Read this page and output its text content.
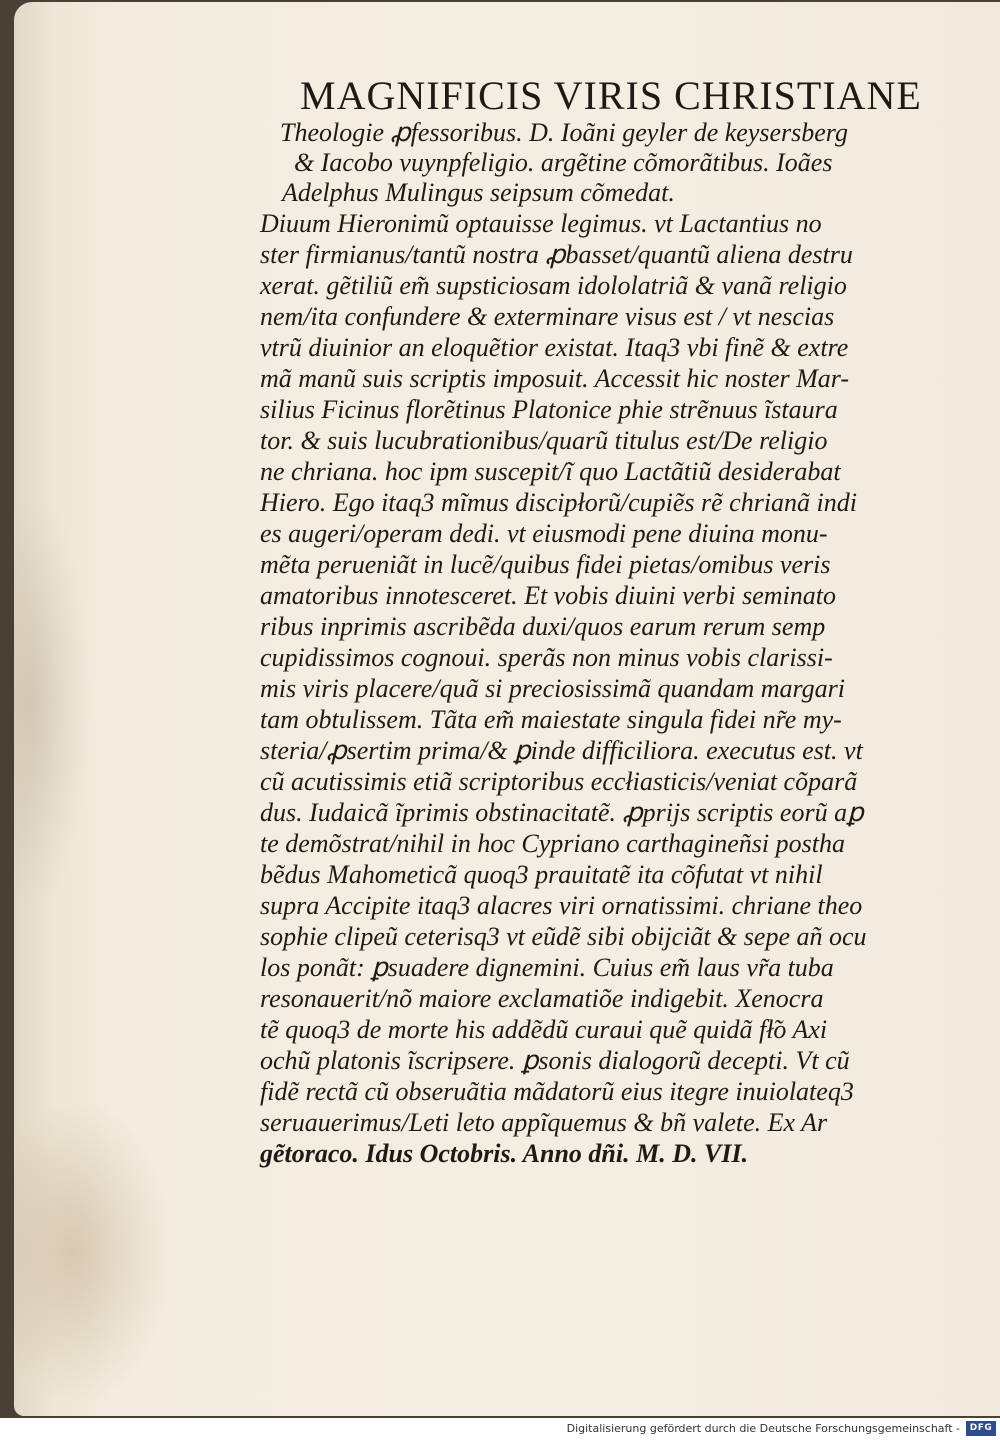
MAGNIFICIS VIRIS CHRISTIANE

Theologie ꝓfessoribus. D. Ioãni geyler de keysersberg

& Iacobo vuynpfeligio. argẽtine cõmorãtibus. Ioães

Adelphus Mulingus seipsum cõmedat.

Diuum Hieronimũ optauisse legimus. vt Lactantius no

ster firmianus/tantũ nostra ꝓbasset/quantũ aliena destru

xerat. gẽtiliũ em̃ supsticiosam idololatriã & vanã religio

nem/ita confundere & exterminare visus est / vt nescias

vtrũ diuinior an eloquẽtior existat. Itaq3 vbi finẽ & extre

mã manũ suis scriptis imposuit. Accessit hic noster Mar-

silius Ficinus florẽtinus Platonice phie strẽnuus ĩstaura

tor. & suis lucubrationibus/quarũ titulus est/De religio

ne chriana. hoc ipm suscepit/ĩ quo Lactãtiũ desiderabat

Hiero. Ego itaq3 mĩmus discipłorũ/cupiẽs rẽ chrianã indi

es augeri/operam dedi. vt eiusmodi pene diuina monu-

mẽta perueniãt in lucẽ/quibus fidei pietas/omibus veris

amatoribus innotesceret. Et vobis diuini verbi seminato

ribus inprimis ascribẽda duxi/quos earum rerum semp

cupidissimos cognoui. sperãs non minus vobis clarissi-

mis viris placere/quã si preciosissimã quandam margari

tam obtulissem. Tãta em̃ maiestate singula fidei nr̃e my-

steria/ꝓsertim prima/& ꝑinde difficiliora. executus est. vt

cũ acutissimis etiã scriptoribus eccłiasticis/veniat cõparã

dus. Iudaicã ĩprimis obstinacitatẽ. ꝓprijs scriptis eorũ aꝑ

te demõstrat/nihil in hoc Cypriano carthagineñsi postha

bẽdus Mahometicã quoq3 prauitatẽ ita cõfutat vt nihil

supra Accipite itaq3 alacres viri ornatissimi. chriane theo

sophie clipeũ ceterisq3 vt eũdẽ sibi obijciãt & sepe añ ocu

los ponãt: ꝑsuadere dignemini. Cuius em̃ laus vr̃a tuba

resonauerit/nõ maiore exclamatiõe indigebit. Xenocra

tẽ quoq3 de morte his addẽdũ curaui quẽ quidã fł̃o Axi

ochũ platonis ĩscripsere. ꝑsonis dialogorũ decepti. Vt cũ

fidẽ rectã cũ obseruãtia mãdatorũ eius itegre inuiolateq3

seruauerimus/Leti leto appĩquemus & bñ valete. Ex Ar

gẽtoraco. Idus Octobris. Anno dñi. M. D. VII.

Digitalisierung gefördert durch die Deutsche Forschungsgemeinschaft -	DFG
